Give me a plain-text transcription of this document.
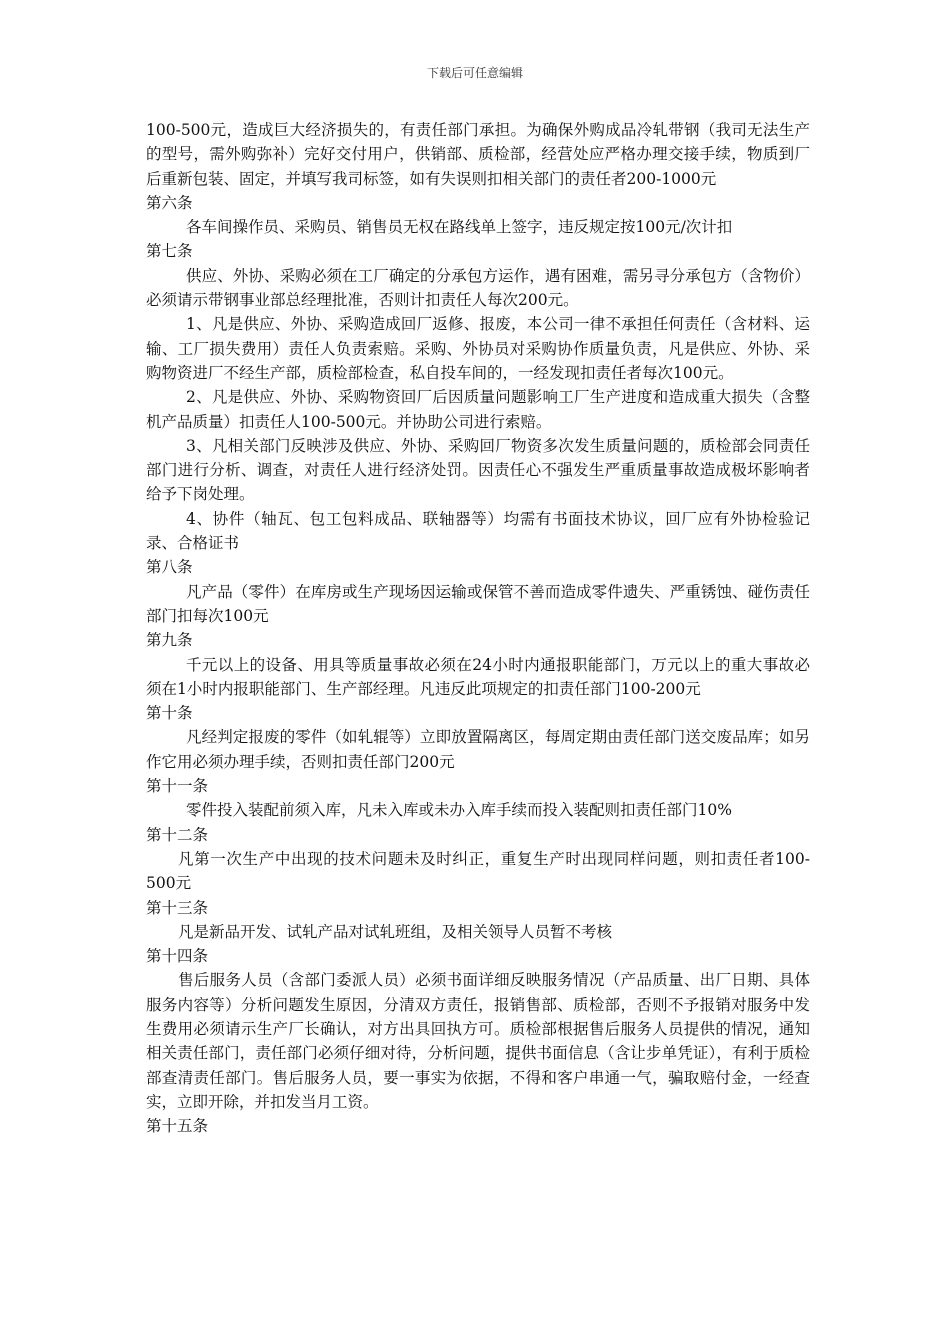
下载后可任意编辑

100-500元，造成巨大经济损失的，有责任部门承担。为确保外购成品冷轧带钢（我司无法生产的型号，需外购弥补）完好交付用户，供销部、质检部，经营处应严格办理交接手续，物质到厂后重新包装、固定，并填写我司标签，如有失误则扣相关部门的责任者200-1000元

第六条

各车间操作员、采购员、销售员无权在路线单上签字，违反规定按100元/次计扣

第七条

供应、外协、采购必须在工厂确定的分承包方运作，遇有困难，需另寻分承包方（含物价）必须请示带钢事业部总经理批准，否则计扣责任人每次200元。

1、凡是供应、外协、采购造成回厂返修、报废，本公司一律不承担任何责任（含材料、运输、工厂损失费用）责任人负责索赔。采购、外协员对采购协作质量负责，凡是供应、外协、采购物资进厂不经生产部，质检部检查，私自投车间的，一经发现扣责任者每次100元。

2、凡是供应、外协、采购物资回厂后因质量问题影响工厂生产进度和造成重大损失（含整机产品质量）扣责任人100-500元。并协助公司进行索赔。

3、凡相关部门反映涉及供应、外协、采购回厂物资多次发生质量问题的，质检部会同责任部门进行分析、调查，对责任人进行经济处罚。因责任心不强发生严重质量事故造成极坏影响者给予下岗处理。

4、协件（轴瓦、包工包料成品、联轴器等）均需有书面技术协议，回厂应有外协检验记录、合格证书

第八条

凡产品（零件）在库房或生产现场因运输或保管不善而造成零件遗失、严重锈蚀、碰伤责任部门扣每次100元

第九条

千元以上的设备、用具等质量事故必须在24小时内通报职能部门，万元以上的重大事故必须在1小时内报职能部门、生产部经理。凡违反此项规定的扣责任部门100-200元

第十条

凡经判定报废的零件（如轧辊等）立即放置隔离区，每周定期由责任部门送交废品库；如另作它用必须办理手续，否则扣责任部门200元

第十一条

零件投入装配前须入库，凡未入库或未办入库手续而投入装配则扣责任部门10%

第十二条

凡第一次生产中出现的技术问题未及时纠正，重复生产时出现同样问题，则扣责任者100-500元

第十三条

凡是新品开发、试轧产品对试轧班组，及相关领导人员暂不考核

第十四条

售后服务人员（含部门委派人员）必须书面详细反映服务情况（产品质量、出厂日期、具体服务内容等）分析问题发生原因，分清双方责任，报销售部、质检部，否则不予报销对服务中发生费用必须请示生产厂长确认，对方出具回执方可。质检部根据售后服务人员提供的情况，通知相关责任部门，责任部门必须仔细对待，分析问题，提供书面信息（含让步单凭证），有利于质检部查清责任部门。售后服务人员，要一事实为依据，不得和客户串通一气，骗取赔付金，一经查实，立即开除，并扣发当月工资。

第十五条
